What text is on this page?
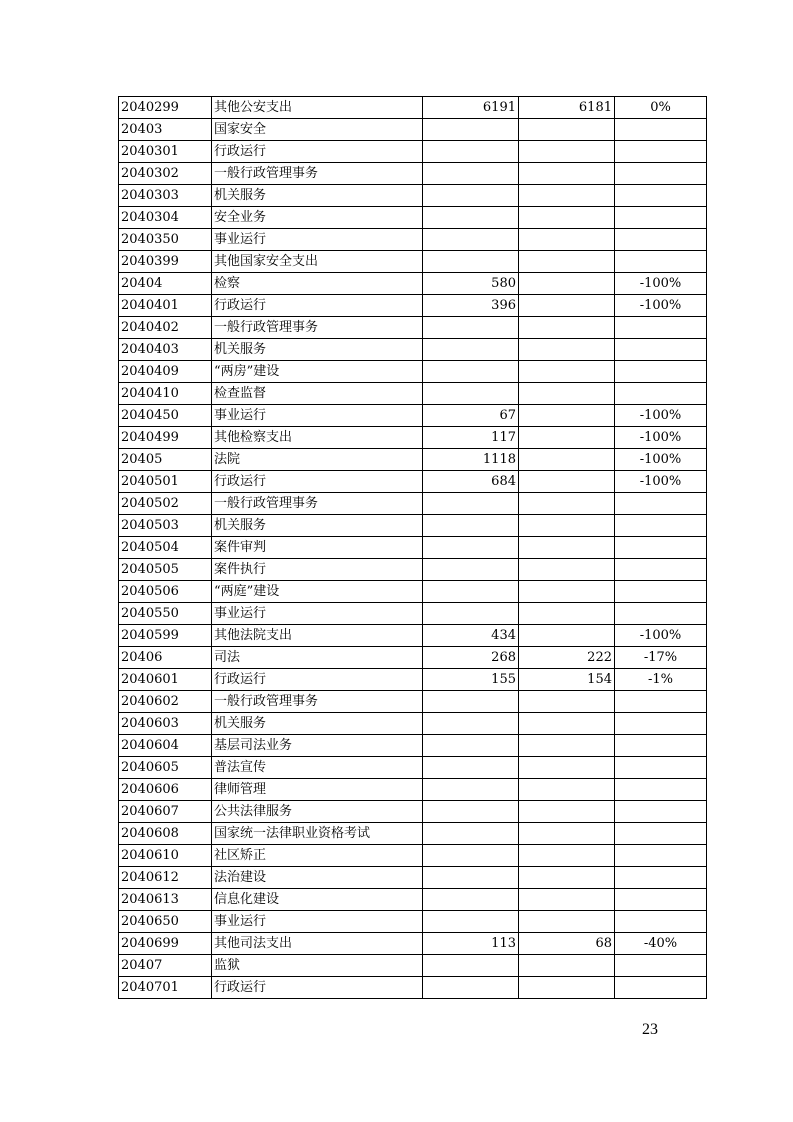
2040299	其他公安支出	6191	6181	0%
20403	国家安全			
2040301	行政运行			
2040302	一般行政管理事务			
2040303	机关服务			
2040304	安全业务			
2040350	事业运行			
2040399	其他国家安全支出			
20404	检察	580		-100%
2040401	行政运行	396		-100%
2040402	一般行政管理事务			
2040403	机关服务			
2040409	“两房”建设			
2040410	检查监督			
2040450	事业运行	67		-100%
2040499	其他检察支出	117		-100%
20405	法院	1118		-100%
2040501	行政运行	684		-100%
2040502	一般行政管理事务			
2040503	机关服务			
2040504	案件审判			
2040505	案件执行			
2040506	“两庭”建设			
2040550	事业运行			
2040599	其他法院支出	434		-100%
20406	司法	268	222	-17%
2040601	行政运行	155	154	-1%
2040602	一般行政管理事务			
2040603	机关服务			
2040604	基层司法业务			
2040605	普法宣传			
2040606	律师管理			
2040607	公共法律服务			
2040608	国家统一法律职业资格考试			
2040610	社区矫正			
2040612	法治建设			
2040613	信息化建设			
2040650	事业运行			
2040699	其他司法支出	113	68	-40%
20407	监狱			
2040701	行政运行			
23
